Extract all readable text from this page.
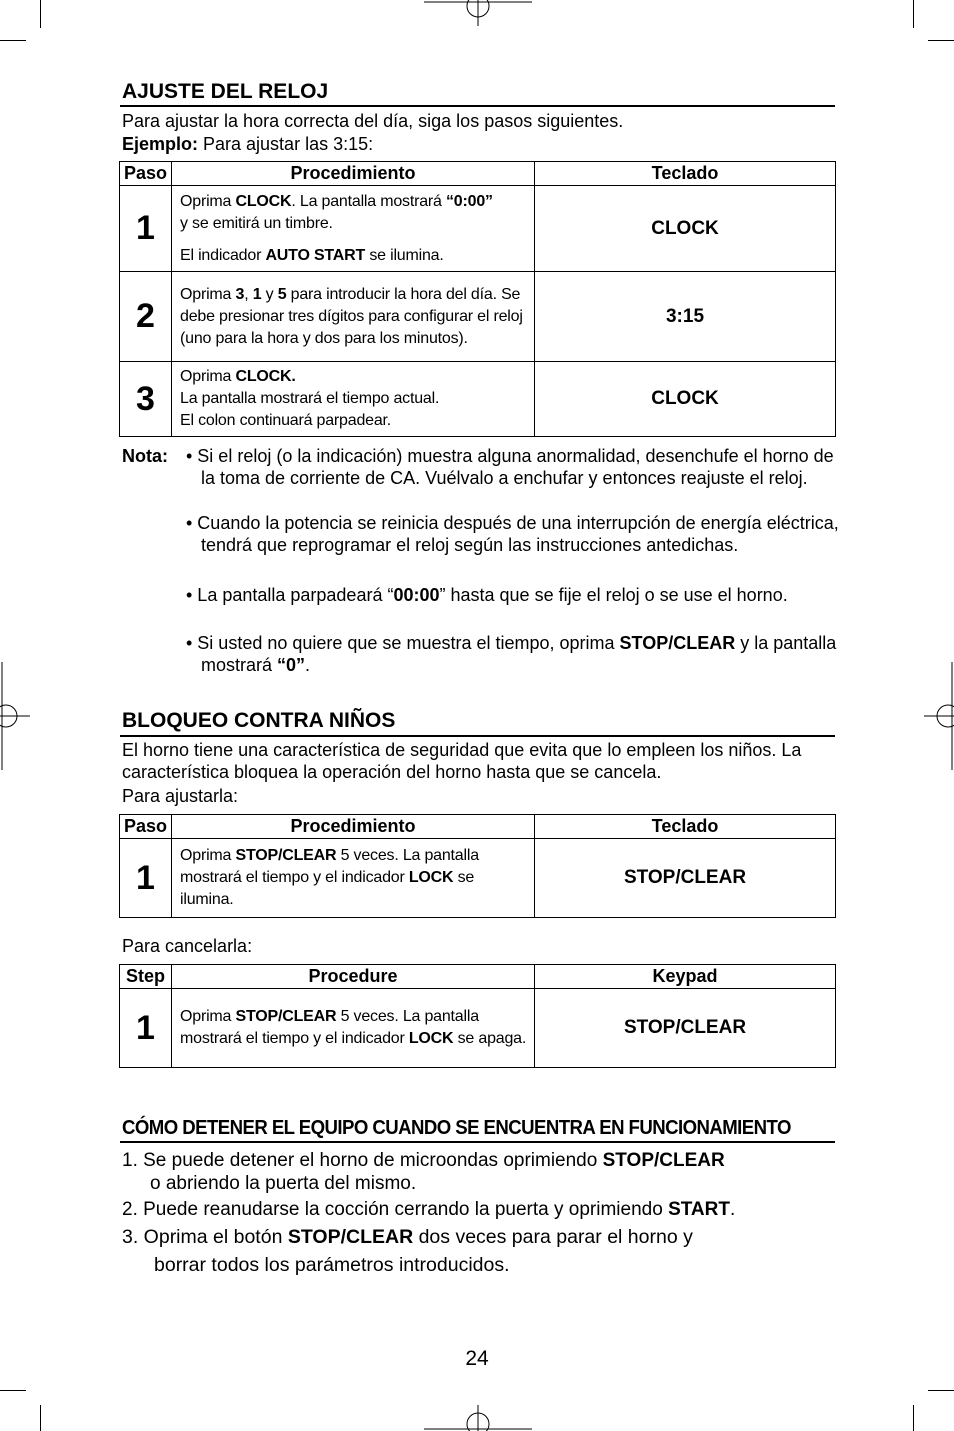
AJUSTE DEL RELOJ
Para ajustar la hora correcta del día, siga los pasos siguientes.
Ejemplo: Para ajustar las 3:15:
Paso	Procedimiento	Teclado
1	Oprima CLOCK. La pantalla mostrará “0:00”
y se emitirá un timbre.
El indicador AUTO START se ilumina.	CLOCK
2	Oprima 3, 1 y 5 para introducir la hora del día. Se debe presionar tres dígitos para configurar el reloj (uno para la hora y dos para los minutos).	3:15
3	Oprima CLOCK.
La pantalla mostrará el tiempo actual.
El colon continuará parpadear.	CLOCK
Nota: • Si el reloj (o la indicación) muestra alguna anormalidad, desenchufe el horno de la toma de corriente de CA. Vuélvalo a enchufar y entonces reajuste el reloj.
• Cuando la potencia se reinicia después de una interrupción de energía eléctrica, tendrá que reprogramar el reloj según las instrucciones antedichas.
• La pantalla parpadeará “00:00” hasta que se fije el reloj o se use el horno.
• Si usted no quiere que se muestra el tiempo, oprima STOP/CLEAR y la pantalla mostrará “0”.
BLOQUEO CONTRA NIÑOS
El horno tiene una característica de seguridad que evita que lo empleen los niños. La característica bloquea la operación del horno hasta que se cancela.
Para ajustarla:
Paso	Procedimiento	Teclado
1	Oprima STOP/CLEAR 5 veces. La pantalla mostrará el tiempo y el indicador LOCK se ilumina.	STOP/CLEAR
Para cancelarla:
Step	Procedure	Keypad
1	Oprima STOP/CLEAR 5 veces. La pantalla mostrará el tiempo y el indicador LOCK se apaga.	STOP/CLEAR
CÓMO DETENER EL EQUIPO CUANDO SE ENCUENTRA EN FUNCIONAMIENTO
1. Se puede detener el horno de microondas oprimiendo STOP/CLEAR
o abriendo la puerta del mismo.
2. Puede reanudarse la cocción cerrando la puerta y oprimiendo START.
3. Oprima el botón STOP/CLEAR dos veces para parar el horno y
borrar todos los parámetros introducidos.
24
